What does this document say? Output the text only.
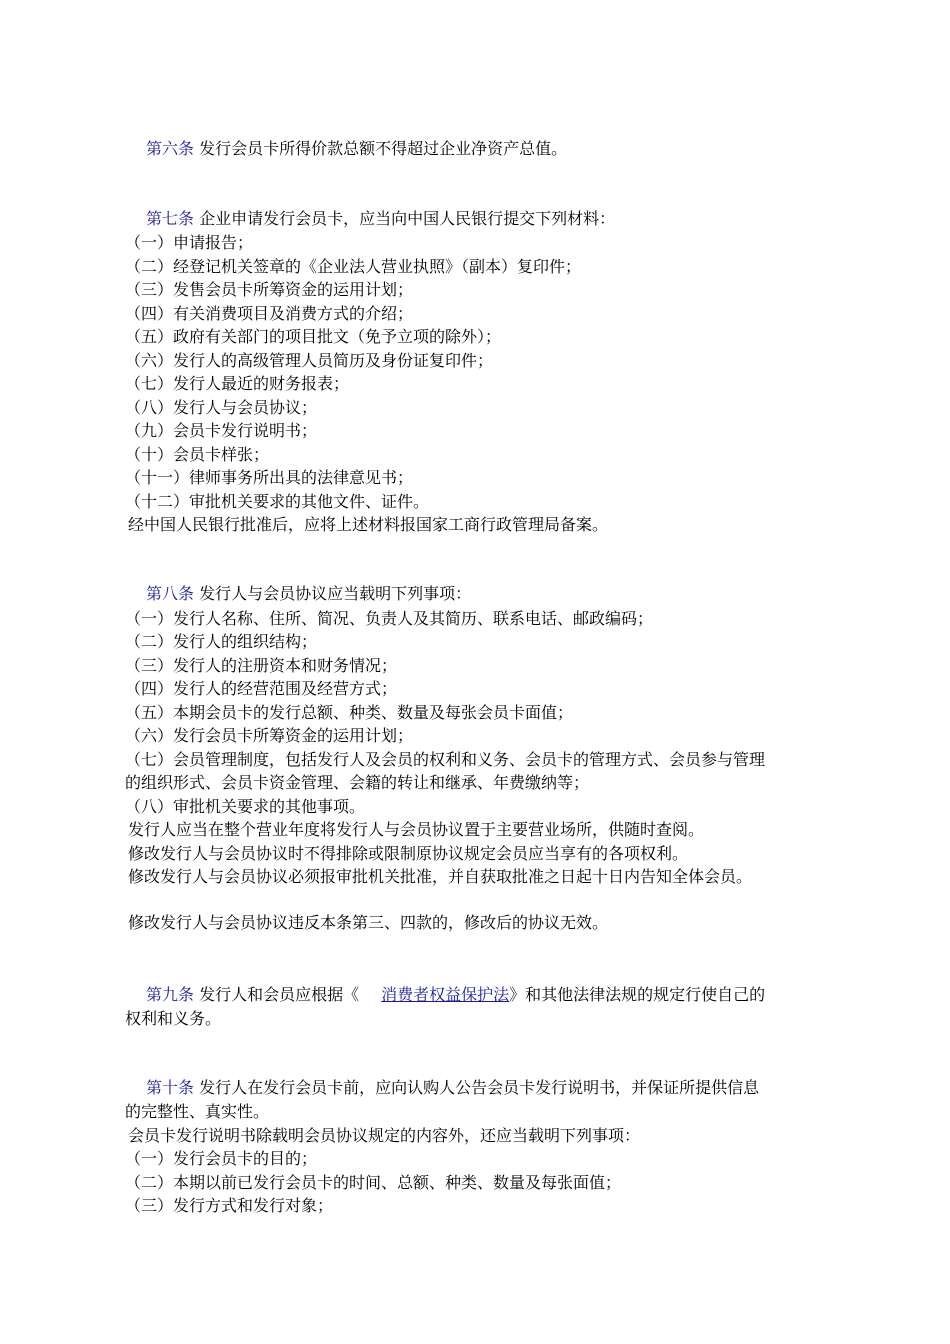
第六条 发行会员卡所得价款总额不得超过企业净资产总值。
第七条 企业申请发行会员卡，应当向中国人民银行提交下列材料：
（一）申请报告；
（二）经登记机关签章的《企业法人营业执照》（副本）复印件；
（三）发售会员卡所筹资金的运用计划；
（四）有关消费项目及消费方式的介绍；
（五）政府有关部门的项目批文（免予立项的除外）；
（六）发行人的高级管理人员简历及身份证复印件；
（七）发行人最近的财务报表；
（八）发行人与会员协议；
（九）会员卡发行说明书；
（十）会员卡样张；
（十一）律师事务所出具的法律意见书；
（十二）审批机关要求的其他文件、证件。
经中国人民银行批准后，应将上述材料报国家工商行政管理局备案。
第八条 发行人与会员协议应当载明下列事项：
（一）发行人名称、住所、简况、负责人及其简历、联系电话、邮政编码；
（二）发行人的组织结构；
（三）发行人的注册资本和财务情况；
（四）发行人的经营范围及经营方式；
（五）本期会员卡的发行总额、种类、数量及每张会员卡面值；
（六）发行会员卡所筹资金的运用计划；
（七）会员管理制度，包括发行人及会员的权利和义务、会员卡的管理方式、会员参与管理
的组织形式、会员卡资金管理、会籍的转让和继承、年费缴纳等；
（八）审批机关要求的其他事项。
发行人应当在整个营业年度将发行人与会员协议置于主要营业场所，供随时查阅。
修改发行人与会员协议时不得排除或限制原协议规定会员应当享有的各项权利。
修改发行人与会员协议必须报审批机关批准，并自获取批准之日起十日内告知全体会员。
修改发行人与会员协议违反本条第三、四款的，修改后的协议无效。
第九条 发行人和会员应根据《 消费者权益保护法》和其他法律法规的规定行使自己的
权利和义务。
第十条 发行人在发行会员卡前，应向认购人公告会员卡发行说明书，并保证所提供信息
的完整性、真实性。
会员卡发行说明书除载明会员协议规定的内容外，还应当载明下列事项：
（一）发行会员卡的目的；
（二）本期以前已发行会员卡的时间、总额、种类、数量及每张面值；
（三）发行方式和发行对象；
